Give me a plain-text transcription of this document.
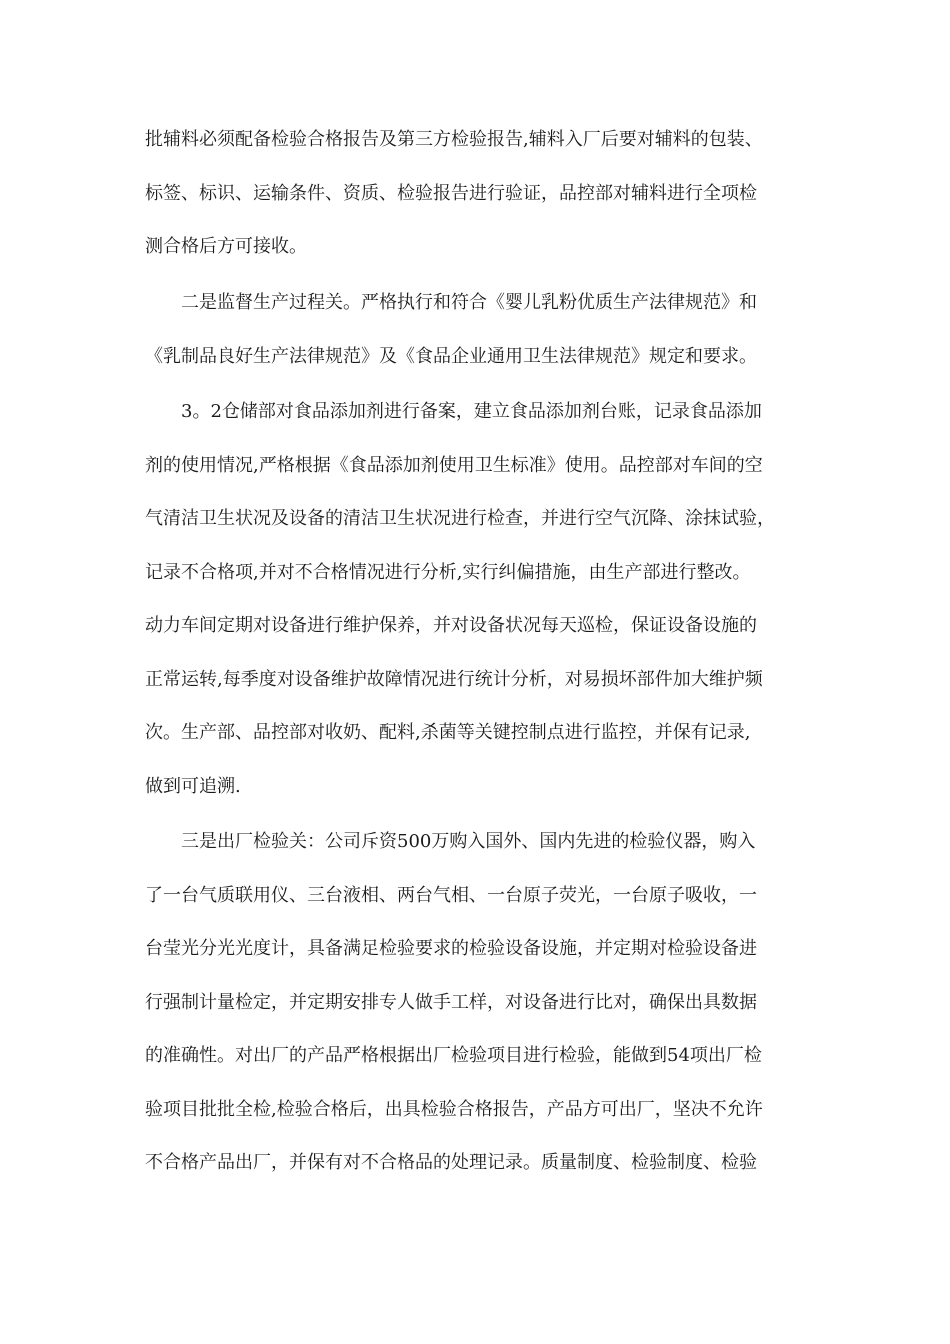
批辅料必须配备检验合格报告及第三方检验报告,辅料入厂后要对辅料的包装、
标签、标识、运输条件、资质、检验报告进行验证，品控部对辅料进行全项检
测合格后方可接收。

　　二是监督生产过程关。严格执行和符合《婴儿乳粉优质生产法律规范》和
《乳制品良好生产法律规范》及《食品企业通用卫生法律规范》规定和要求。

　　3。2仓储部对食品添加剂进行备案，建立食品添加剂台账，记录食品添加
剂的使用情况,严格根据《食品添加剂使用卫生标准》使用。品控部对车间的空
气清洁卫生状况及设备的清洁卫生状况进行检查，并进行空气沉降、涂抹试验，
记录不合格项,并对不合格情况进行分析,实行纠偏措施，由生产部进行整改。
动力车间定期对设备进行维护保养，并对设备状况每天巡检，保证设备设施的
正常运转,每季度对设备维护故障情况进行统计分析，对易损坏部件加大维护频
次。生产部、品控部对收奶、配料,杀菌等关键控制点进行监控，并保有记录,
做到可追溯.

　　三是出厂检验关：公司斥资500万购入国外、国内先进的检验仪器，购入
了一台气质联用仪、三台液相、两台气相、一台原子荧光，一台原子吸收，一
台莹光分光光度计，具备满足检验要求的检验设备设施，并定期对检验设备进
行强制计量检定，并定期安排专人做手工样，对设备进行比对，确保出具数据
的准确性。对出厂的产品严格根据出厂检验项目进行检验，能做到54项出厂检
验项目批批全检,检验合格后，出具检验合格报告，产品方可出厂，坚决不允许
不合格产品出厂，并保有对不合格品的处理记录。质量制度、检验制度、检验
